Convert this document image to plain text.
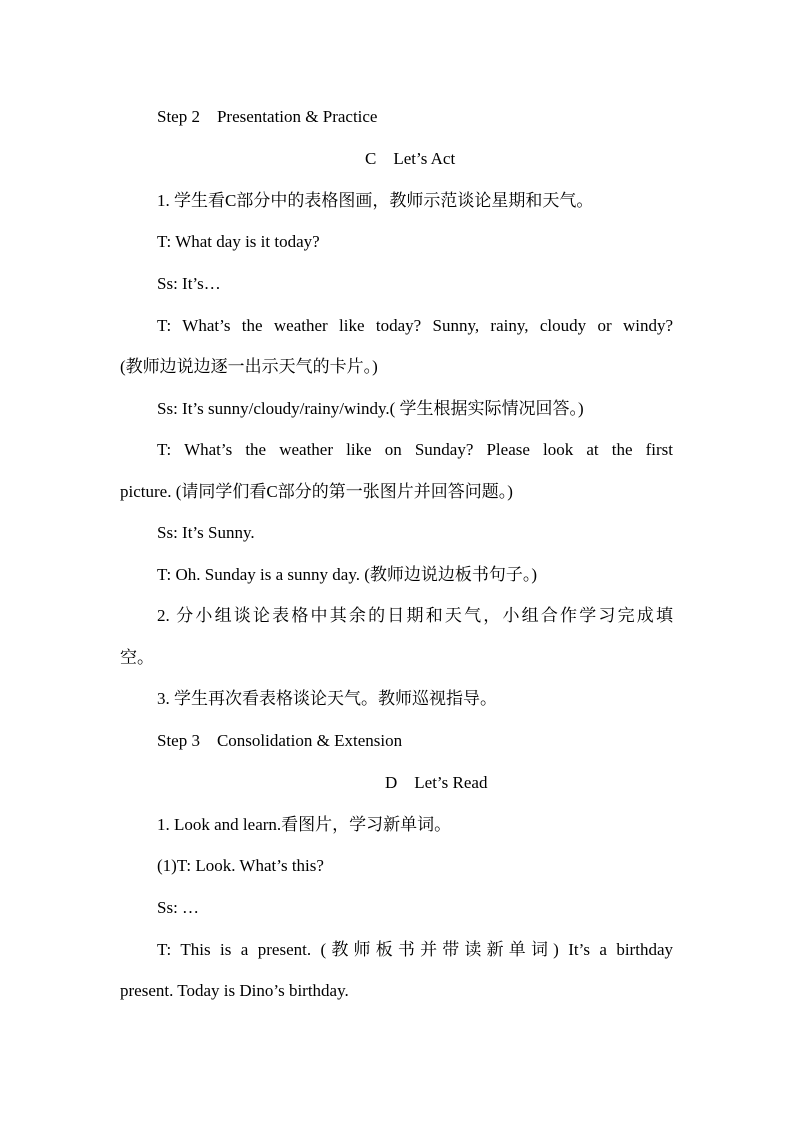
Step 2    Presentation & Practice
C    Let’s Act
1. 学生看C部分中的表格图画，教师示范谈论星期和天气。
T: What day is it today?
Ss: It’s…
T: What’s the weather like today? Sunny, rainy, cloudy or windy?
(教师边说边逐一出示天气的卡片。)
Ss: It’s sunny/cloudy/rainy/windy.( 学生根据实际情况回答。)
T: What’s the weather like on Sunday? Please look at the first
picture. (请同学们看C部分的第一张图片并回答问题。)
Ss: It’s Sunny.
T: Oh. Sunday is a sunny day. (教师边说边板书句子。)
2. 分小组谈论表格中其余的日期和天气，小组合作学习完成填
空。
3. 学生再次看表格谈论天气。教师巡视指导。
Step 3    Consolidation & Extension
D    Let’s Read
1. Look and learn.看图片，学习新单词。
(1)T: Look. What’s this?
Ss: …
T: This is a present. (教师板书并带读新单词) It’s a birthday
present. Today is Dino’s birthday.
